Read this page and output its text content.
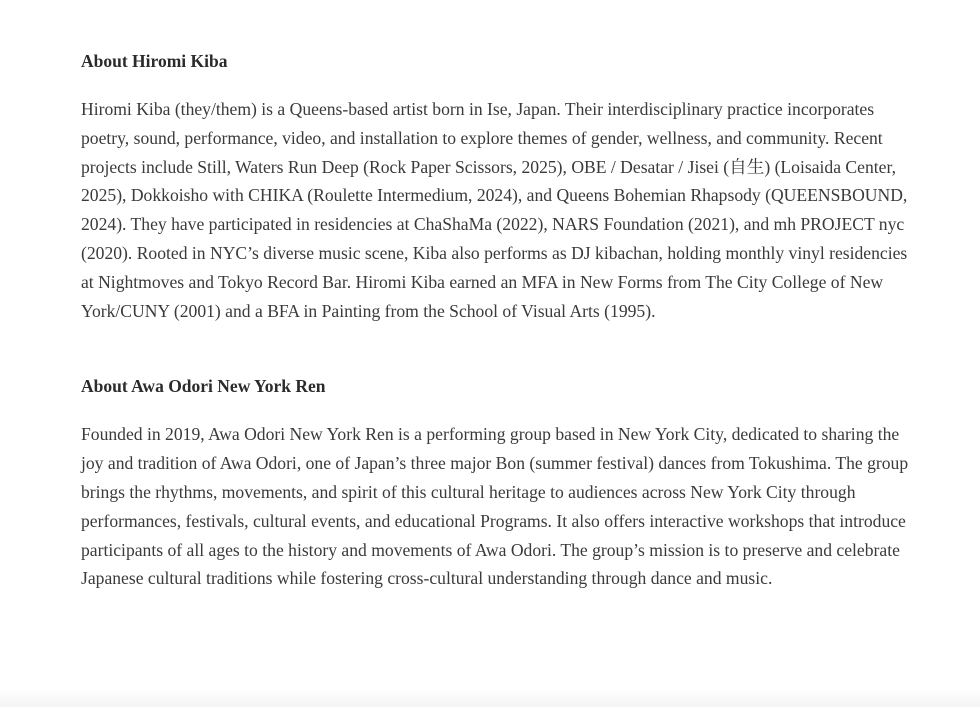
About Hiromi Kiba

Hiromi Kiba (they/them) is a Queens-based artist born in Ise, Japan. Their interdisciplinary practice incorporates poetry, sound, performance, video, and installation to explore themes of gender, wellness, and community. Recent projects include Still, Waters Run Deep (Rock Paper Scissors, 2025), OBE / Desatar / Jisei (自生) (Loisaida Center, 2025), Dokkoisho with CHIKA (Roulette Intermedium, 2024), and Queens Bohemian Rhapsody (QUEENSBOUND, 2024). They have participated in residencies at ChaShaMa (2022), NARS Foundation (2021), and mh PROJECT nyc (2020). Rooted in NYC’s diverse music scene, Kiba also performs as DJ kibachan, holding monthly vinyl residencies at Nightmoves and Tokyo Record Bar. Hiromi Kiba earned an MFA in New Forms from The City College of New York/CUNY (2001) and a BFA in Painting from the School of Visual Arts (1995).

About Awa Odori New York Ren

Founded in 2019, Awa Odori New York Ren is a performing group based in New York City, dedicated to sharing the joy and tradition of Awa Odori, one of Japan’s three major Bon (summer festival) dances from Tokushima. The group brings the rhythms, movements, and spirit of this cultural heritage to audiences across New York City through performances, festivals, cultural events, and educational Programs. It also offers interactive workshops that introduce participants of all ages to the history and movements of Awa Odori. The group’s mission is to preserve and celebrate Japanese cultural traditions while fostering cross-cultural understanding through dance and music.
